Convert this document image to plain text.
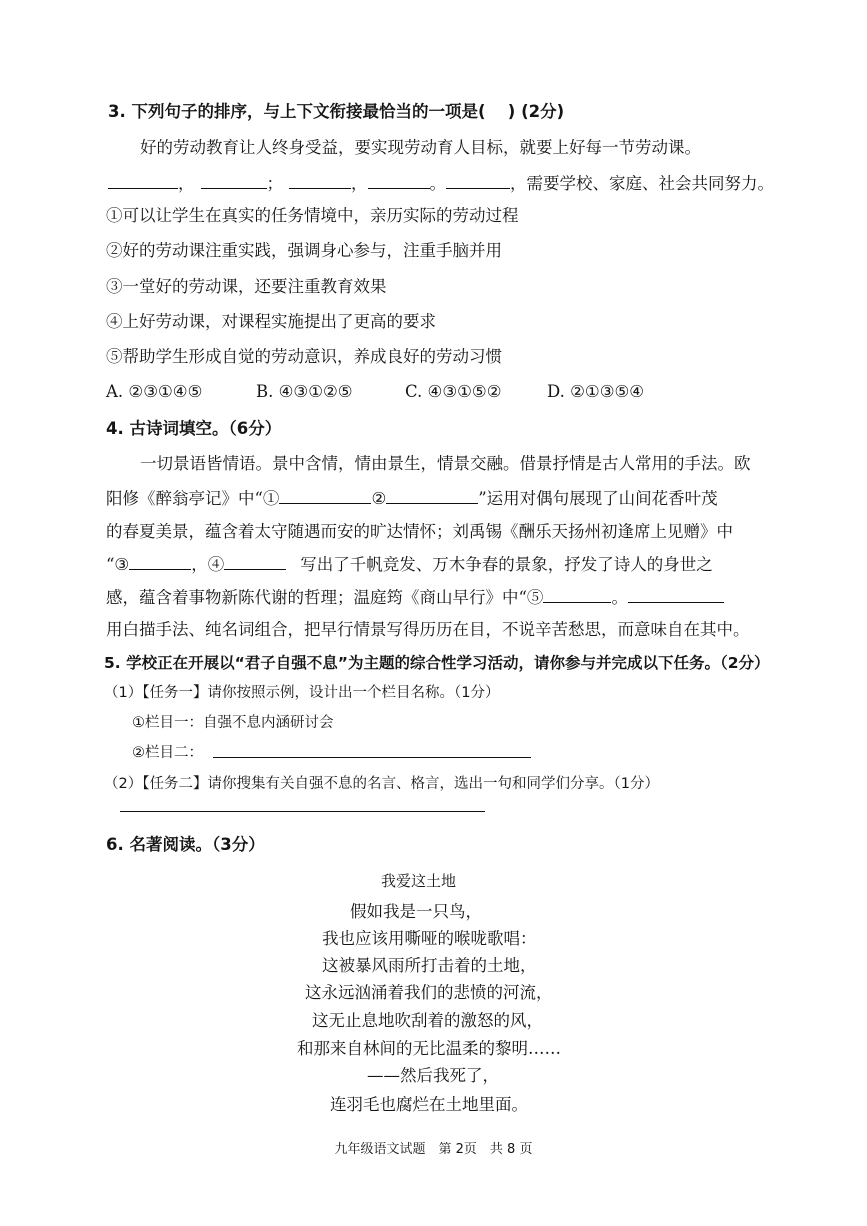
3. 下列句子的排序，与上下文衔接最恰当的一项是(　 ) (2分)
好的劳动教育让人终身受益，要实现劳动育人目标，就要上好每一节劳动课。
，	；	，	。	，需要学校、家庭、社会共同努力。
①可以让学生在真实的任务情境中，亲历实际的劳动过程
②好的劳动课注重实践，强调身心参与，注重手脑并用
③一堂好的劳动课，还要注重教育效果
④上好劳动课，对课程实施提出了更高的要求
⑤帮助学生形成自觉的劳动意识，养成良好的劳动习惯
A. ②③①④⑤	B. ④③①②⑤	C. ④③①⑤②	D. ②①③⑤④
4. 古诗词填空。（6分）
一切景语皆情语。景中含情，情由景生，情景交融。借景抒情是古人常用的手法。欧
阳修《醉翁亭记》中“①	②	”运用对偶句展现了山间花香叶茂
的春夏美景，蕴含着太守随遇而安的旷达情怀；刘禹锡《酬乐天扬州初逢席上见赠》中
“③	，④	写出了千帆竞发、万木争春的景象，抒发了诗人的身世之
感，蕴含着事物新陈代谢的哲理；温庭筠《商山早行》中“⑤	。
用白描手法、纯名词组合，把早行情景写得历历在目，不说辛苦愁思，而意味自在其中。
5. 学校正在开展以“君子自强不息”为主题的综合性学习活动，请你参与并完成以下任务。（2分）
（1）【任务一】请你按照示例，设计出一个栏目名称。（1分）
①栏目一：自强不息内涵研讨会
②栏目二：
（2）【任务二】请你搜集有关自强不息的名言、格言，选出一句和同学们分享。（1分）
6. 名著阅读。（3分）
我爱这土地
假如我是一只鸟，
我也应该用嘶哑的喉咙歌唱：
这被暴风雨所打击着的土地，
这永远汹涌着我们的悲愤的河流，
这无止息地吹刮着的激怒的风，
和那来自林间的无比温柔的黎明……
——然后我死了，
连羽毛也腐烂在土地里面。
九年级语文试题　第 2页　共 8 页
